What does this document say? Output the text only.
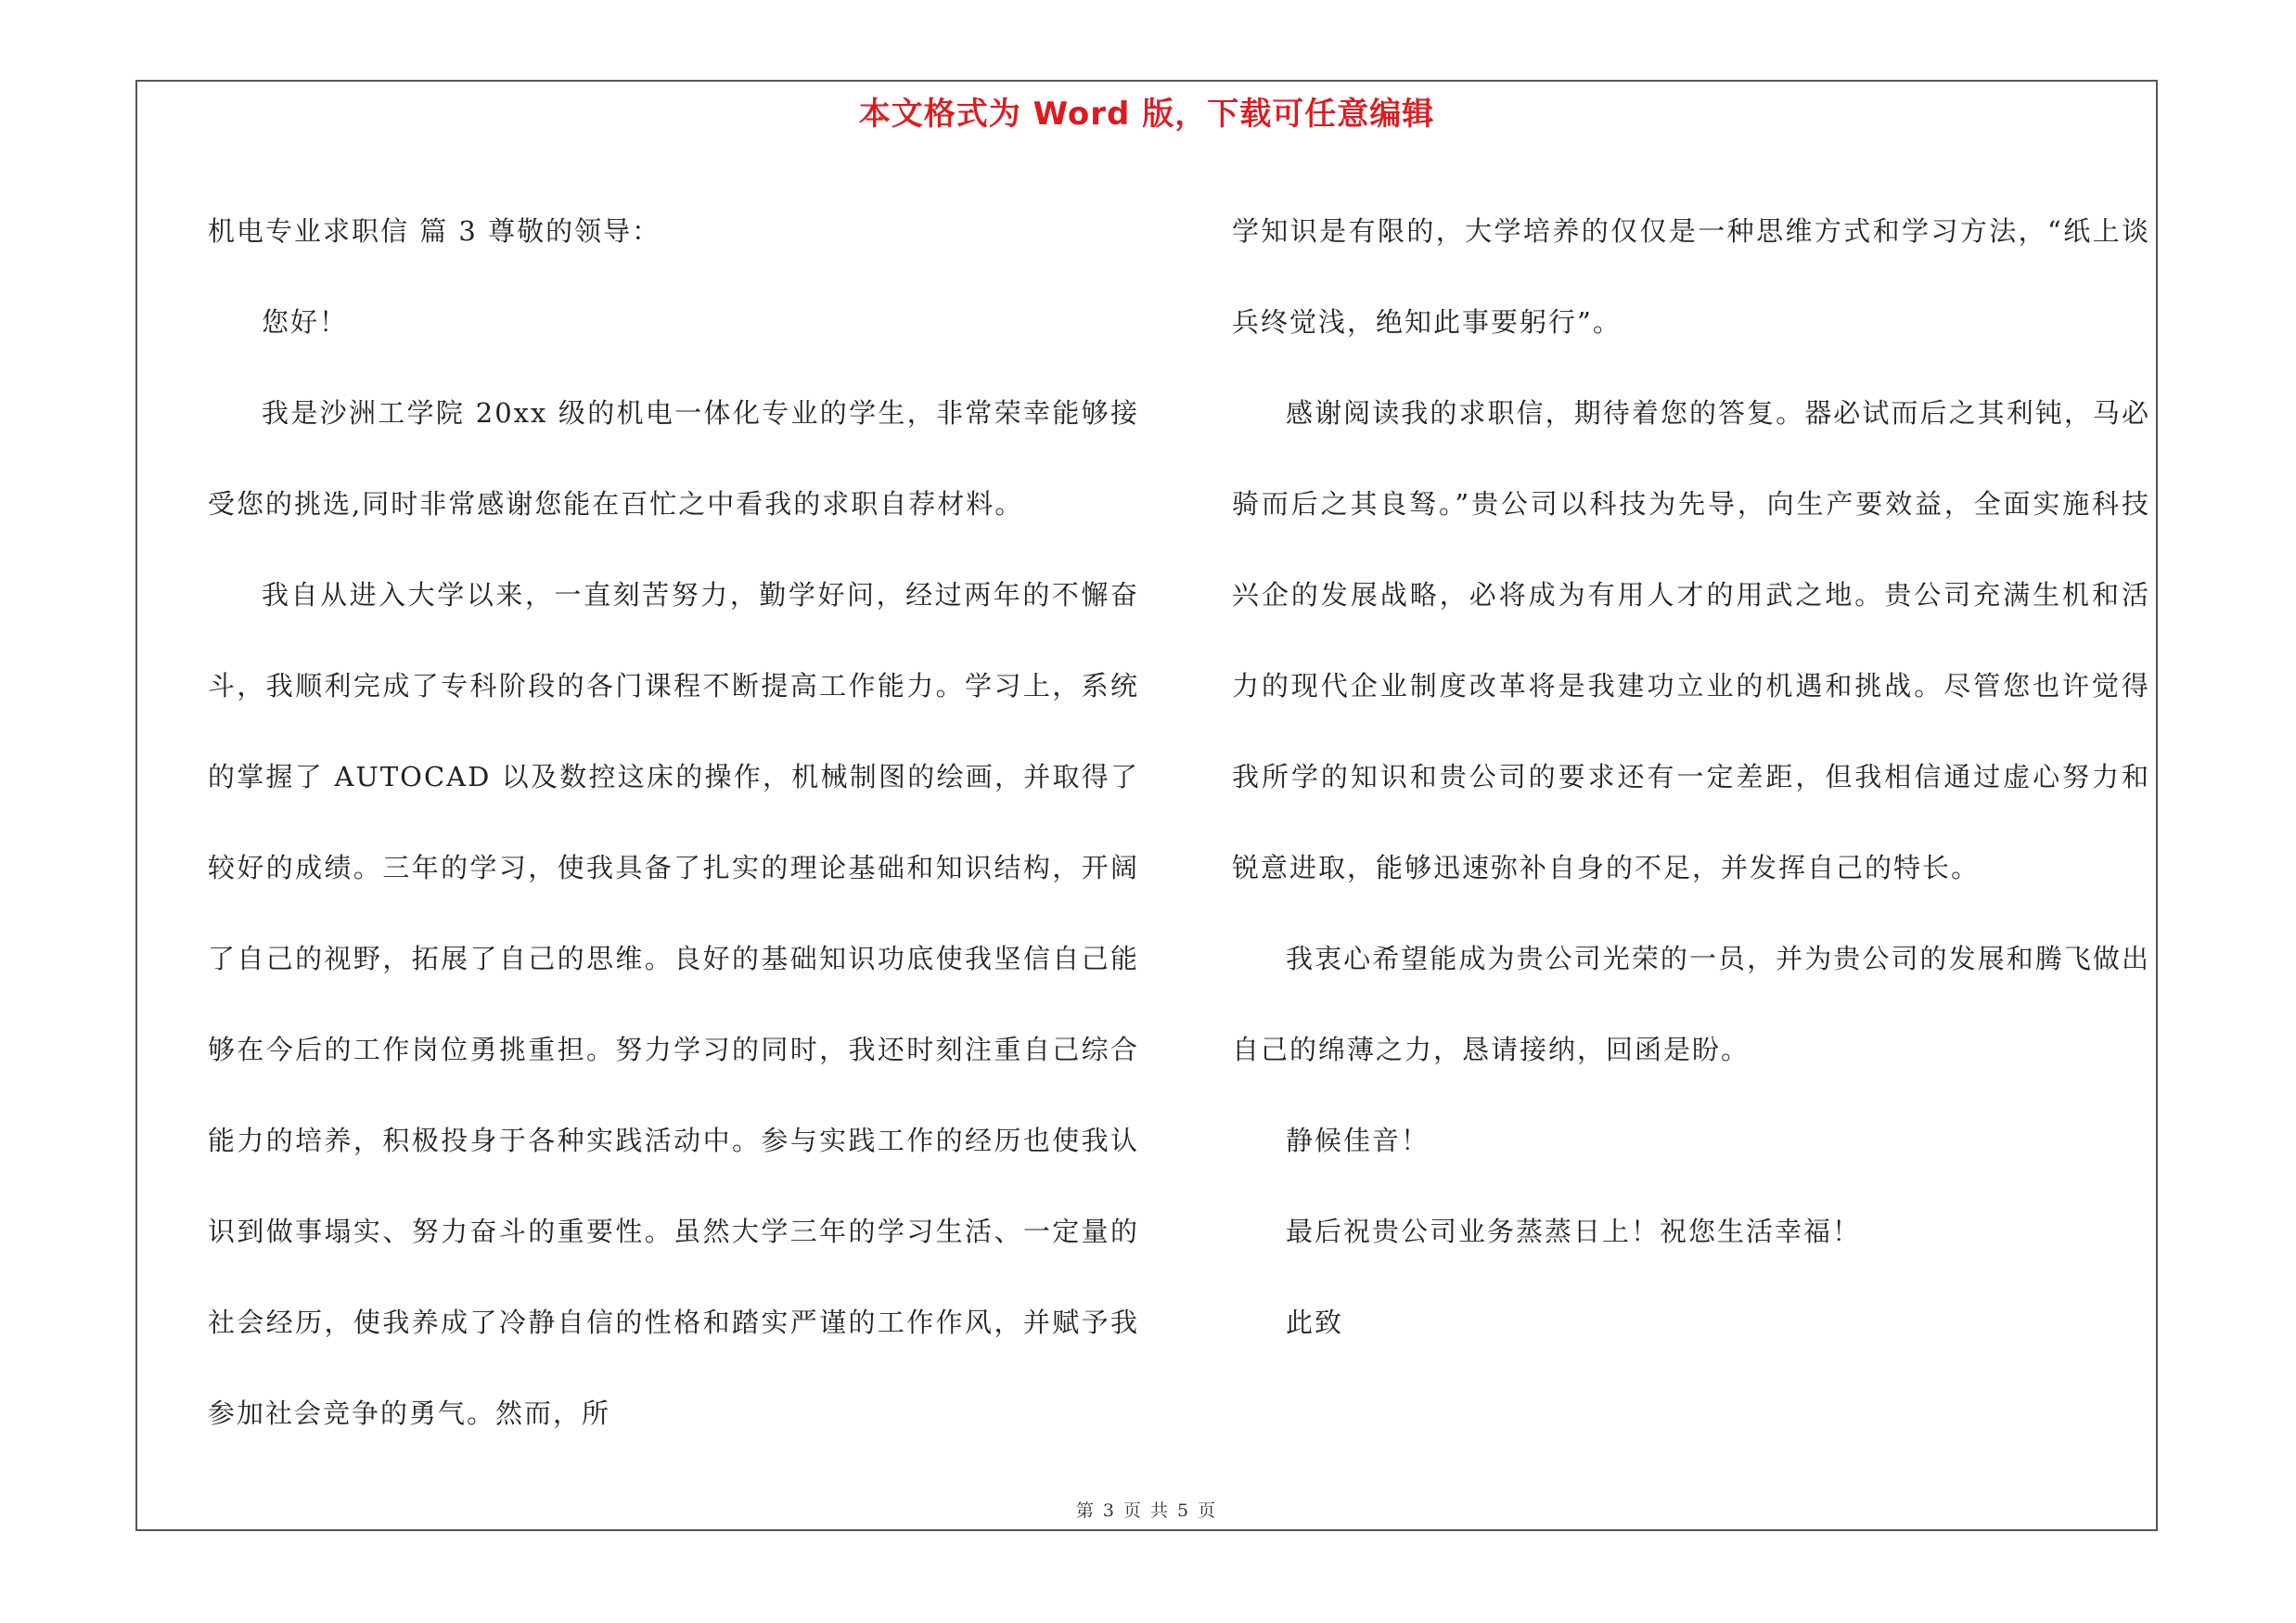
本文格式为 Word 版，下载可任意编辑

机电专业求职信 篇 3 尊敬的领导：

您好！

我是沙洲工学院 20xx 级的机电一体化专业的学生，非常荣幸能够接受您的挑选,同时非常感谢您能在百忙之中看我的求职自荐材料。

我自从进入大学以来，一直刻苦努力，勤学好问，经过两年的不懈奋斗，我顺利完成了专科阶段的各门课程不断提高工作能力。学习上，系统的掌握了 AUTOCAD 以及数控这床的操作，机械制图的绘画，并取得了较好的成绩。三年的学习，使我具备了扎实的理论基础和知识结构，开阔了自己的视野，拓展了自己的思维。良好的基础知识功底使我坚信自己能够在今后的工作岗位勇挑重担。努力学习的同时，我还时刻注重自己综合能力的培养，积极投身于各种实践活动中。参与实践工作的经历也使我认识到做事塌实、努力奋斗的重要性。虽然大学三年的学习生活、一定量的社会经历，使我养成了冷静自信的性格和踏实严谨的工作作风，并赋予我参加社会竞争的勇气。然而，所

学知识是有限的，大学培养的仅仅是一种思维方式和学习方法，“纸上谈兵终觉浅，绝知此事要躬行”。

感谢阅读我的求职信，期待着您的答复。器必试而后之其利钝，马必骑而后之其良驽。”贵公司以科技为先导，向生产要效益，全面实施科技兴企的发展战略，必将成为有用人才的用武之地。贵公司充满生机和活力的现代企业制度改革将是我建功立业的机遇和挑战。尽管您也许觉得我所学的知识和贵公司的要求还有一定差距，但我相信通过虚心努力和锐意进取，能够迅速弥补自身的不足，并发挥自己的特长。

我衷心希望能成为贵公司光荣的一员，并为贵公司的发展和腾飞做出自己的绵薄之力，恳请接纳，回函是盼。

静候佳音！

最后祝贵公司业务蒸蒸日上！祝您生活幸福！

此致

第 3 页 共 5 页
